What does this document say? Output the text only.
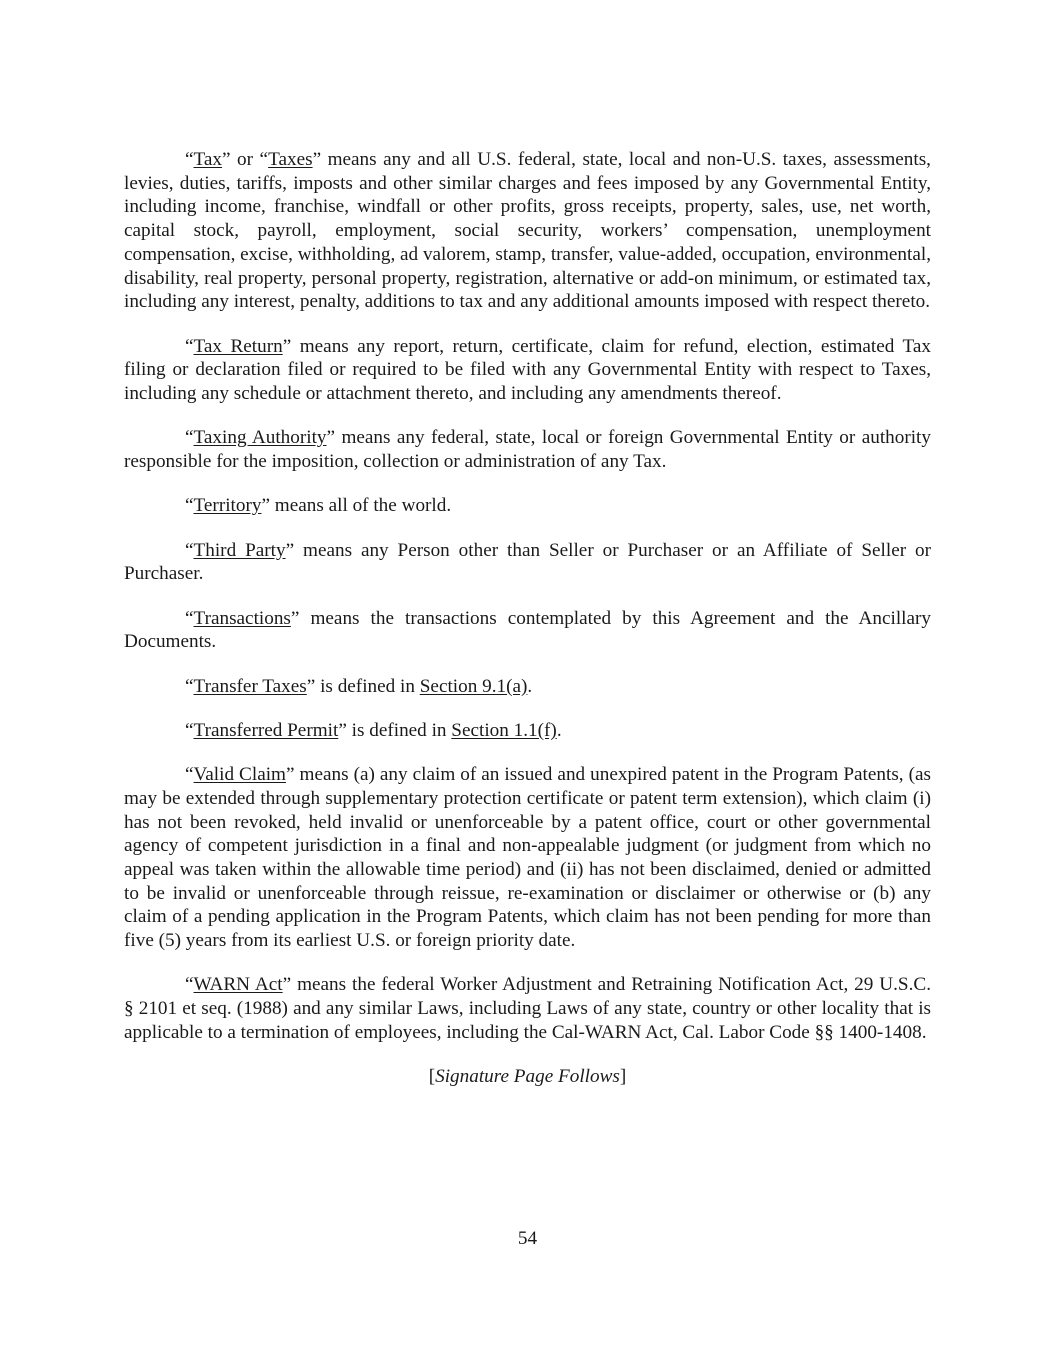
“Tax” or “Taxes” means any and all U.S. federal, state, local and non-U.S. taxes, assessments, levies, duties, tariffs, imposts and other similar charges and fees imposed by any Governmental Entity, including income, franchise, windfall or other profits, gross receipts, property, sales, use, net worth, capital stock, payroll, employment, social security, workers’ compensation, unemployment compensation, excise, withholding, ad valorem, stamp, transfer, value-added, occupation, environmental, disability, real property, personal property, registration, alternative or add-on minimum, or estimated tax, including any interest, penalty, additions to tax and any additional amounts imposed with respect thereto.

“Tax Return” means any report, return, certificate, claim for refund, election, estimated Tax filing or declaration filed or required to be filed with any Governmental Entity with respect to Taxes, including any schedule or attachment thereto, and including any amendments thereof.

“Taxing Authority” means any federal, state, local or foreign Governmental Entity or authority responsible for the imposition, collection or administration of any Tax.

“Territory” means all of the world.

“Third Party” means any Person other than Seller or Purchaser or an Affiliate of Seller or Purchaser.

“Transactions” means the transactions contemplated by this Agreement and the Ancillary Documents.

“Transfer Taxes” is defined in Section 9.1(a).

“Transferred Permit” is defined in Section 1.1(f).

“Valid Claim” means (a) any claim of an issued and unexpired patent in the Program Patents, (as may be extended through supplementary protection certificate or patent term extension), which claim (i) has not been revoked, held invalid or unenforceable by a patent office, court or other governmental agency of competent jurisdiction in a final and non-appealable judgment (or judgment from which no appeal was taken within the allowable time period) and (ii) has not been disclaimed, denied or admitted to be invalid or unenforceable through reissue, re-examination or disclaimer or otherwise or (b) any claim of a pending application in the Program Patents, which claim has not been pending for more than five (5) years from its earliest U.S. or foreign priority date.

“WARN Act” means the federal Worker Adjustment and Retraining Notification Act, 29 U.S.C. § 2101 et seq. (1988) and any similar Laws, including Laws of any state, country or other locality that is applicable to a termination of employees, including the Cal-WARN Act, Cal. Labor Code §§ 1400-1408.

[Signature Page Follows]

54
